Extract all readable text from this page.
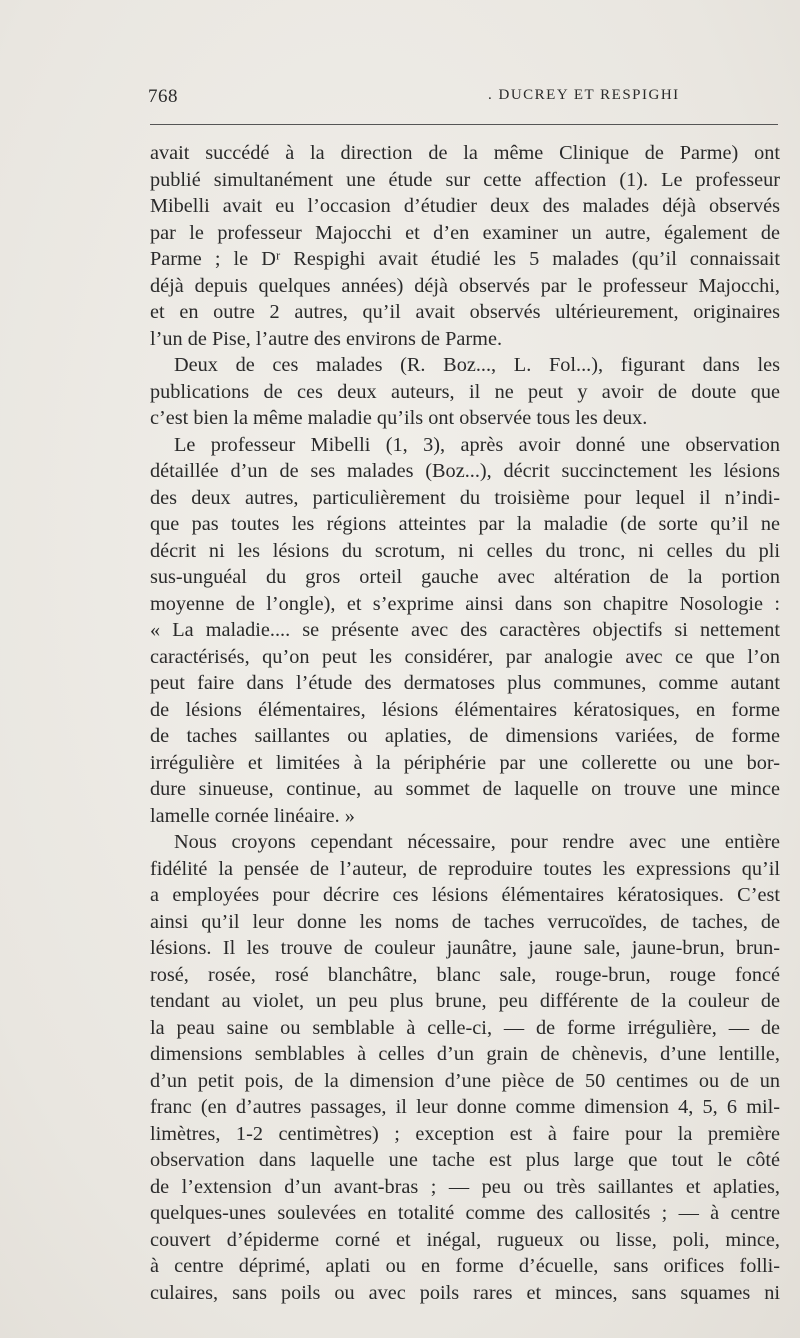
768	. DUCREY ET RESPIGHI
avait succédé à la direction de la même Clinique de Parme) ont
publié simultanément une étude sur cette affection (1). Le professeur
Mibelli avait eu l’occasion d’étudier deux des malades déjà observés
par le professeur Majocchi et d’en examiner un autre, également de
Parme ; le Dʳ Respighi avait étudié les 5 malades (qu’il connaissait
déjà depuis quelques années) déjà observés par le professeur Majocchi,
et en outre 2 autres, qu’il avait observés ultérieurement, originaires
l’un de Pise, l’autre des environs de Parme.
Deux de ces malades (R. Boz..., L. Fol...), figurant dans les
publications de ces deux auteurs, il ne peut y avoir de doute que
c’est bien la même maladie qu’ils ont observée tous les deux.
Le professeur Mibelli (1, 3), après avoir donné une observation
détaillée d’un de ses malades (Boz...), décrit succinctement les lésions
des deux autres, particulièrement du troisième pour lequel il n’indi-
que pas toutes les régions atteintes par la maladie (de sorte qu’il ne
décrit ni les lésions du scrotum, ni celles du tronc, ni celles du pli
sus-unguéal du gros orteil gauche avec altération de la portion
moyenne de l’ongle), et s’exprime ainsi dans son chapitre Nosologie :
« La maladie.... se présente avec des caractères objectifs si nettement
caractérisés, qu’on peut les considérer, par analogie avec ce que l’on
peut faire dans l’étude des dermatoses plus communes, comme autant
de lésions élémentaires, lésions élémentaires kératosiques, en forme
de taches saillantes ou aplaties, de dimensions variées, de forme
irrégulière et limitées à la périphérie par une collerette ou une bor-
dure sinueuse, continue, au sommet de laquelle on trouve une mince
lamelle cornée linéaire. »
Nous croyons cependant nécessaire, pour rendre avec une entière
fidélité la pensée de l’auteur, de reproduire toutes les expressions qu’il
a employées pour décrire ces lésions élémentaires kératosiques. C’est
ainsi qu’il leur donne les noms de taches verrucoïdes, de taches, de
lésions. Il les trouve de couleur jaunâtre, jaune sale, jaune-brun, brun-
rosé, rosée, rosé blanchâtre, blanc sale, rouge-brun, rouge foncé
tendant au violet, un peu plus brune, peu différente de la couleur de
la peau saine ou semblable à celle-ci, — de forme irrégulière, — de
dimensions semblables à celles d’un grain de chènevis, d’une lentille,
d’un petit pois, de la dimension d’une pièce de 50 centimes ou de un
franc (en d’autres passages, il leur donne comme dimension 4, 5, 6 mil-
limètres, 1-2 centimètres) ; exception est à faire pour la première
observation dans laquelle une tache est plus large que tout le côté
de l’extension d’un avant-bras ; — peu ou très saillantes et aplaties,
quelques-unes soulevées en totalité comme des callosités ; — à centre
couvert d’épiderme corné et inégal, rugueux ou lisse, poli, mince,
à centre déprimé, aplati ou en forme d’écuelle, sans orifices folli-
culaires, sans poils ou avec poils rares et minces, sans squames ni
